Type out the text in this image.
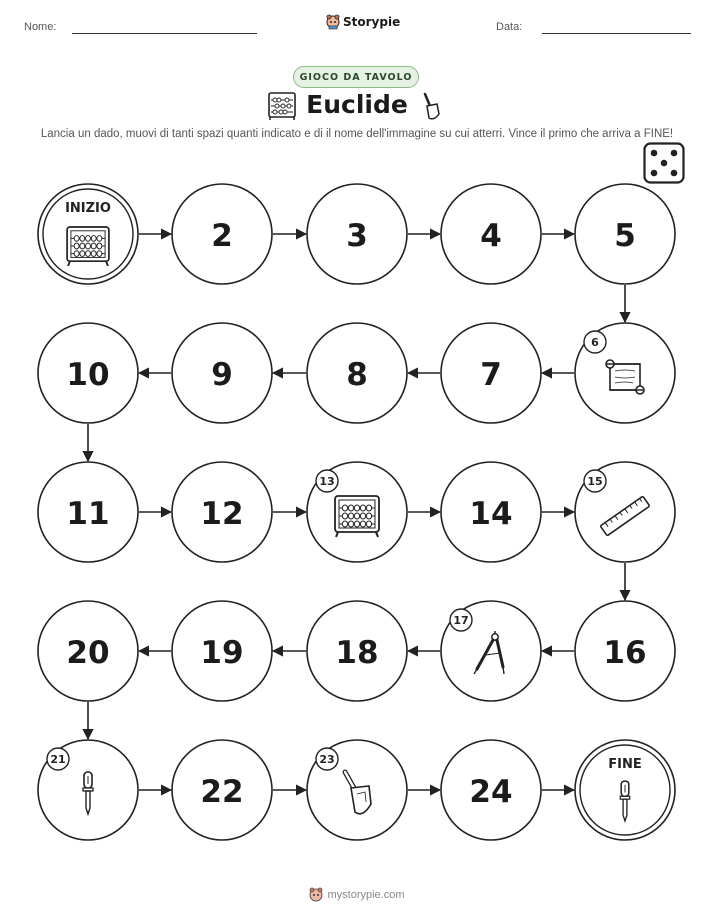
Nome:	Storypie	Data:
GIOCO DA TAVOLO
Euclide
Lancia un dado, muovi di tanti spazi quanti indicato e di il nome dell'immagine su cui atterri. Vince il primo che arriva a FINE!
INIZIO
2	3	4	5
6
7
8
9
10
11	12
13
14
15
16
17
18
19
20
21
22
23
24
FINE
mystorypie.com
